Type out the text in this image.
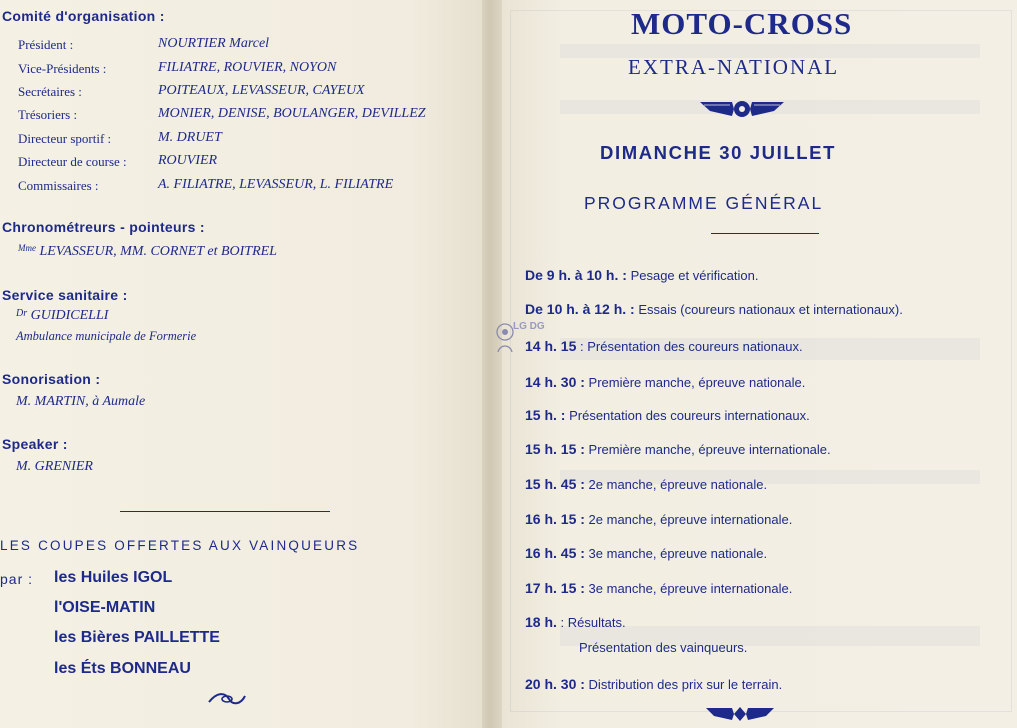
Comité d'organisation :
Président :	NOURTIER Marcel
Vice-Présidents :	FILIATRE, ROUVIER, NOYON
Secrétaires :	POITEAUX, LEVASSEUR, CAYEUX
Trésoriers :	MONIER, DENISE, BOULANGER, DEVILLEZ
Directeur sportif :	M. DRUET
Directeur de course : ROUVIER
Commissaires :	A. FILIATRE, LEVASSEUR, L. FILIATRE
Chronométreurs - pointeurs :
$^{Mme}$ LEVASSEUR, MM. CORNET et BOITREL
Service sanitaire :
$^{Dr}$ GUIDICELLI
Ambulance municipale de Formerie
Sonorisation :
M. MARTIN, à Aumale
Speaker :
M. GRENIER
LES COUPES OFFERTES AUX VAINQUEURS
par : les Huiles IGOL
l'OISE-MATIN
les Bières PAILLETTE
les Éts BONNEAU
MOTO-CROSS
EXTRA-NATIONAL
DIMANCHE 30 JUILLET
PROGRAMME GÉNÉRAL
De 9 h. à 10 h. : Pesage et vérification.
De 10 h. à 12 h. : Essais (coureurs nationaux et internationaux).
14 h. 15 : Présentation des coureurs nationaux.
14 h. 30 : Première manche, épreuve nationale.
15 h. : Présentation des coureurs internationaux.
15 h. 15 : Première manche, épreuve internationale.
15 h. 45 : 2e manche, épreuve nationale.
16 h. 15 : 2e manche, épreuve internationale.
16 h. 45 : 3e manche, épreuve nationale.
17 h. 15 : 3e manche, épreuve internationale.
18 h. : Résultats.
Présentation des vainqueurs.
20 h. 30 : Distribution des prix sur le terrain.
LG DG
